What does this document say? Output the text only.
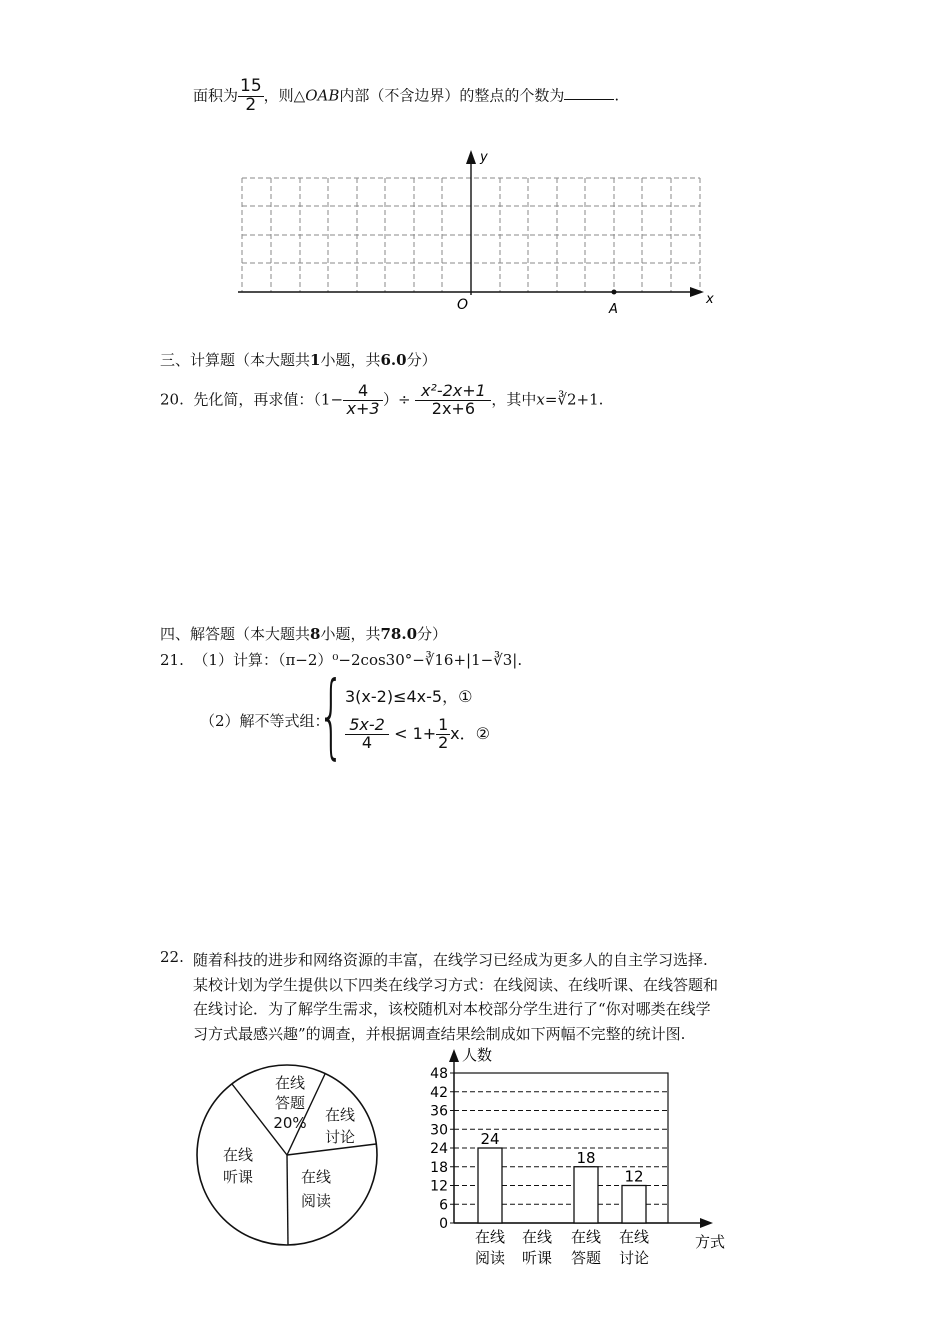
面积为 $\frac{15}{2}$ ，则△OAB内部（不含边界）的整点的个数为	.
y
x
O	A
三、计算题（本大题共1小题，共6.0分）
20. 先化简，再求值：（$1- \frac{4}{x+3}$ ）÷ $\frac{\text{x²-2x+1}}{2x+6}$ ，其中x=∛2+1.
四、解答题（本大题共8小题，共78.0分）
21. （1）计算：（π−2）⁰−2cos30°−∛16+|1−∛3|.
（2）解不等式组：
{ 3(x-2)≤4x-5，①
$\frac{5x-2}{4} < 1+ \frac{1}{2}$ x．②
22. 随着科技的进步和网络资源的丰富，在线学习已经成为更多人的自主学习选择.
某校计划为学生提供以下四类在线学习方式：在线阅读、在线听课、在线答题和
在线讨论．为了解学生需求，该校随机对本校部分学生进行了“你对哪类在线学
习方式最感兴趣”的调查，并根据调查结果绘制成如下两幅不完整的统计图.
在线
答题
20% 在线
讨论
在线
听课	在线
阅读
人数
方式
0
6
12
18
24
30
36
42
48
24
在线
阅读
在线
听课
18
在线
答题
12
在线
讨论
